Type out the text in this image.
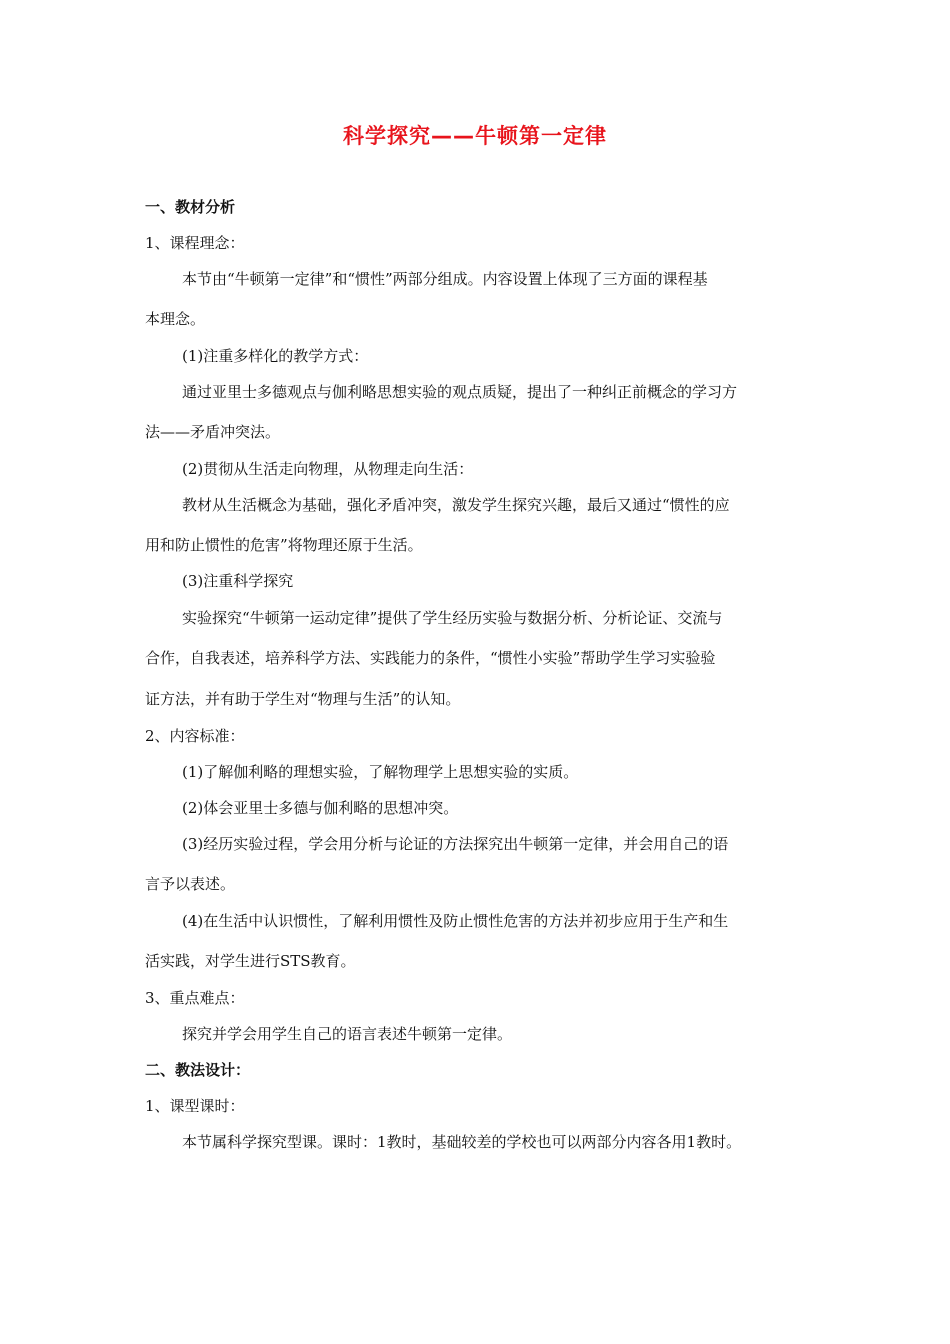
科学探究——牛顿第一定律
一、教材分析
1、课程理念：
本节由“牛顿第一定律”和“惯性”两部分组成。内容设置上体现了三方面的课程基
本理念。
(1)注重多样化的教学方式：
通过亚里士多德观点与伽利略思想实验的观点质疑，提出了一种纠正前概念的学习方
法——矛盾冲突法。
(2)贯彻从生活走向物理，从物理走向生活：
教材从生活概念为基础，强化矛盾冲突，激发学生探究兴趣，最后又通过“惯性的应
用和防止惯性的危害”将物理还原于生活。
(3)注重科学探究
实验探究“牛顿第一运动定律”提供了学生经历实验与数据分析、分析论证、交流与
合作，自我表述，培养科学方法、实践能力的条件，“惯性小实验”帮助学生学习实验验
证方法，并有助于学生对“物理与生活”的认知。
2、内容标准：
(1)了解伽利略的理想实验，了解物理学上思想实验的实质。
(2)体会亚里士多德与伽利略的思想冲突。
(3)经历实验过程，学会用分析与论证的方法探究出牛顿第一定律，并会用自己的语
言予以表述。
(4)在生活中认识惯性，了解利用惯性及防止惯性危害的方法并初步应用于生产和生
活实践，对学生进行STS教育。
3、重点难点：
探究并学会用学生自己的语言表述牛顿第一定律。
二、教法设计：
1、课型课时：
本节属科学探究型课。课时：1教时，基础较差的学校也可以两部分内容各用1教时。
